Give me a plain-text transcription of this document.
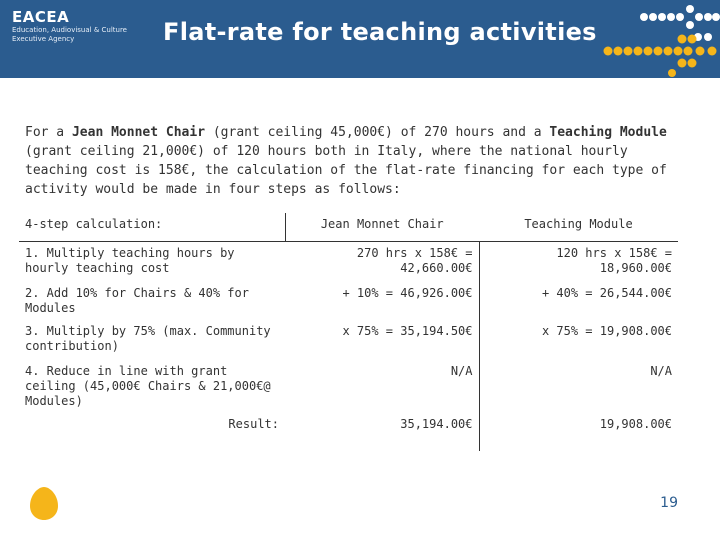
EACEA
Education, Audiovisual & Culture
Executive Agency	Flat-rate for teaching activities

For a Jean Monnet Chair (grant ceiling 45,000€) of 270 hours and a Teaching Module (grant ceiling 21,000€) of 120 hours both in Italy, where the national hourly teaching cost is 158€, the calculation of the flat-rate financing for each type of activity would be made in four steps as follows:

4-step calculation:	Jean Monnet Chair	Teaching Module
1. Multiply teaching hours by hourly teaching cost	270 hrs x 158€ = 42,660.00€	120 hrs x 158€ = 18,960.00€
2. Add 10% for Chairs & 40% for Modules	+ 10% = 46,926.00€	+ 40% = 26,544.00€
3. Multiply by 75% (max. Community contribution)	x 75% = 35,194.50€	x 75% = 19,908.00€
4. Reduce in line with grant ceiling (45,000€ Chairs & 21,000€@ Modules)	N/A	N/A
Result:	35,194.00€	19,908.00€
19
